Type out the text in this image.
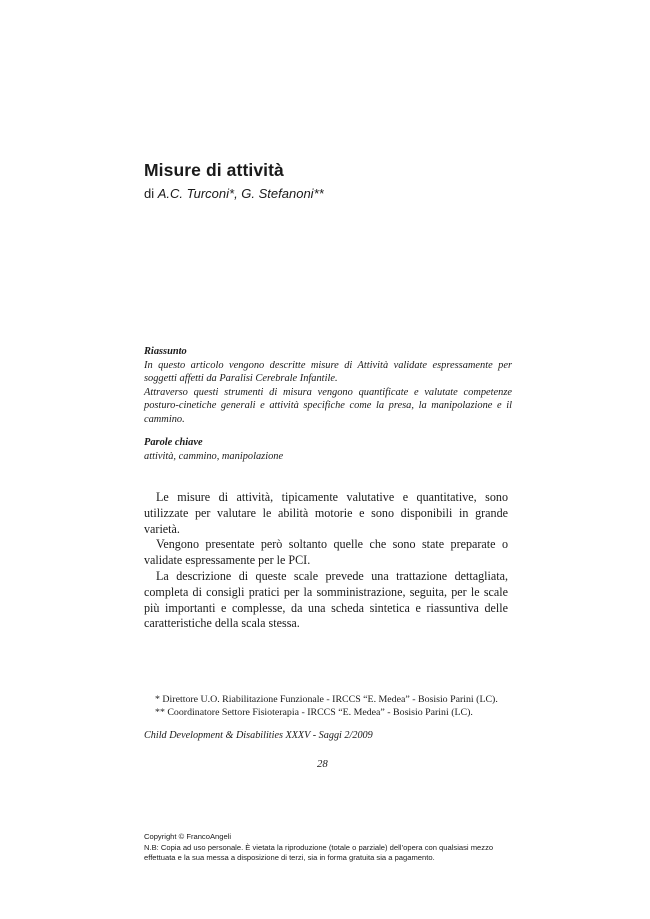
Misure di attività
di A.C. Turconi*, G. Stefanoni**
Riassunto
In questo articolo vengono descritte misure di Attività validate espressamente per soggetti affetti da Paralisi Cerebrale Infantile.
Attraverso questi strumenti di misura vengono quantificate e valutate competenze posturo-cinetiche generali e attività specifiche come la presa, la manipolazione e il cammino.
Parole chiave
attività, cammino, manipolazione

Le misure di attività, tipicamente valutative e quantitative, sono utilizzate per valutare le abilità motorie e sono disponibili in grande varietà.

Vengono presentate però soltanto quelle che sono state preparate o validate espressamente per le PCI.

La descrizione di queste scale prevede una trattazione dettagliata, completa di consigli pratici per la somministrazione, seguita, per le scale più importanti e complesse, da una scheda sintetica e riassuntiva delle caratteristiche della scala stessa.

* Direttore U.O. Riabilitazione Funzionale - IRCCS “E. Medea” - Bosisio Parini (LC).
** Coordinatore Settore Fisioterapia - IRCCS “E. Medea” - Bosisio Parini (LC).
Child Development & Disabilities XXXV - Saggi 2/2009
28
Copyright © FrancoAngeli
N.B: Copia ad uso personale. È vietata la riproduzione (totale o parziale) dell’opera con qualsiasi mezzo
effettuata e la sua messa a disposizione di terzi, sia in forma gratuita sia a pagamento.
